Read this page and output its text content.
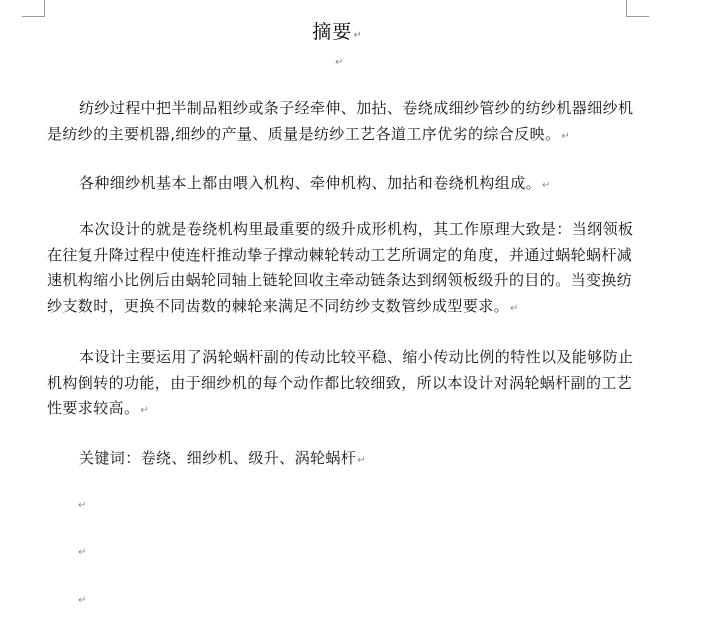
摘要↵
↵

纺纱过程中把半制品粗纱或条子经牵伸、加拈、卷绕成细纱管纱的纺纱机器细纱机是纺纱的主要机器,细纱的产量、质量是纺纱工艺各道工序优劣的综合反映。↵

各种细纱机基本上都由喂入机构、牵伸机构、加拈和卷绕机构组成。↵

本次设计的就是卷绕机构里最重要的级升成形机构，其工作原理大致是：当纲领板在往复升降过程中使连杆推动挚子撑动棘轮转动工艺所调定的角度，并通过蜗轮蜗杆减速机构缩小比例后由蜗轮同轴上链轮回收主牵动链条达到纲领板级升的目的。当变换纺纱支数时，更换不同齿数的棘轮来满足不同纺纱支数管纱成型要求。↵

本设计主要运用了涡轮蜗杆副的传动比较平稳、缩小传动比例的特性以及能够防止机构倒转的功能，由于细纱机的每个动作都比较细致，所以本设计对涡轮蜗杆副的工艺性要求较高。↵

关键词：卷绕、细纱机、级升、涡轮蜗杆↵
↵
↵
↵
